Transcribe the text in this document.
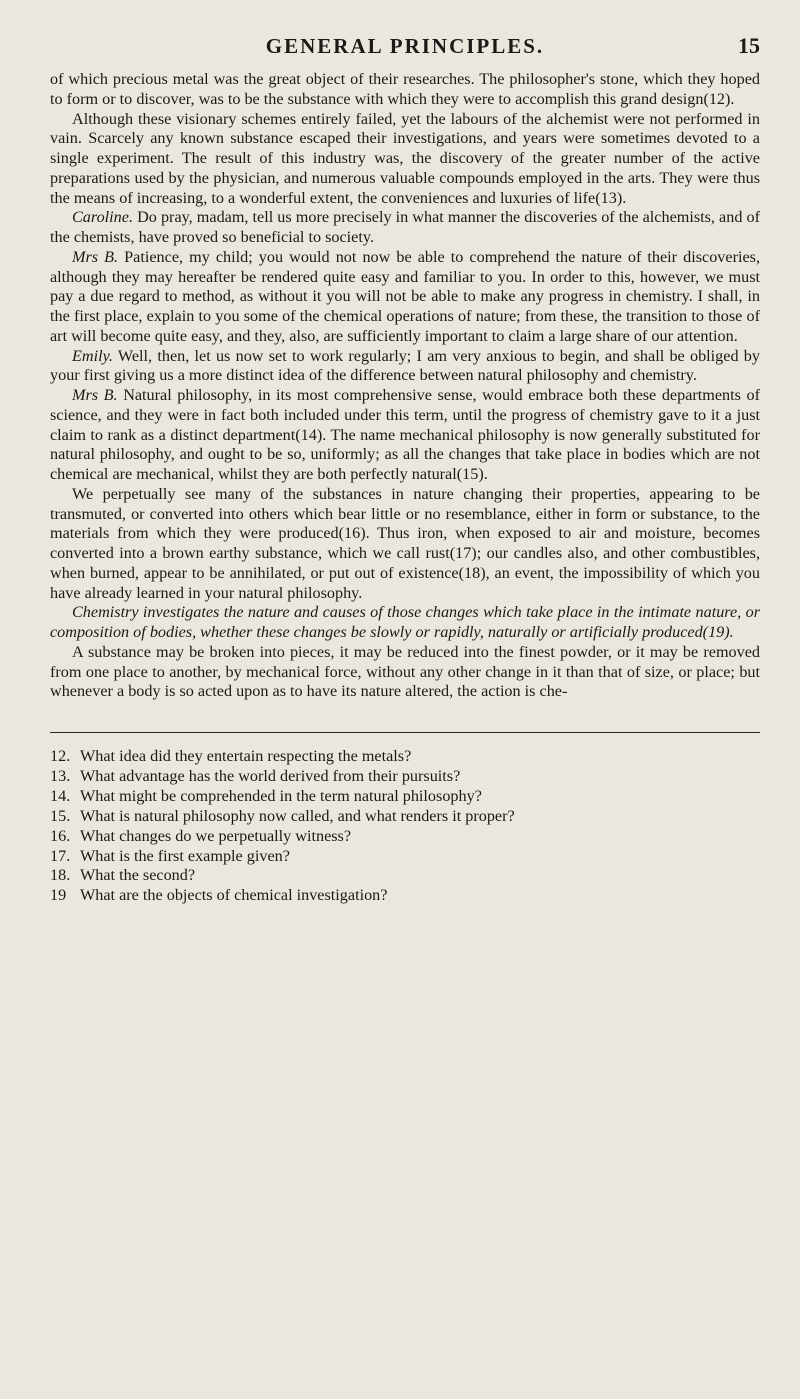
GENERAL PRINCIPLES.	15

of which precious metal was the great object of their researches. The philosopher's stone, which they hoped to form or to discover, was to be the substance with which they were to accomplish this grand design(12).

Although these visionary schemes entirely failed, yet the labours of the alchemist were not performed in vain. Scarcely any known substance escaped their investigations, and years were sometimes devoted to a single experiment. The result of this industry was, the discovery of the greater number of the active preparations used by the physician, and numerous valuable compounds employed in the arts. They were thus the means of increasing, to a wonderful extent, the conveniences and luxuries of life(13).

Caroline. Do pray, madam, tell us more precisely in what manner the discoveries of the alchemists, and of the chemists, have proved so beneficial to society.

Mrs B. Patience, my child; you would not now be able to comprehend the nature of their discoveries, although they may hereafter be rendered quite easy and familiar to you. In order to this, however, we must pay a due regard to method, as without it you will not be able to make any progress in chemistry. I shall, in the first place, explain to you some of the chemical operations of nature; from these, the transition to those of art will become quite easy, and they, also, are sufficiently important to claim a large share of our attention.

Emily. Well, then, let us now set to work regularly; I am very anxious to begin, and shall be obliged by your first giving us a more distinct idea of the difference between natural philosophy and chemistry.

Mrs B. Natural philosophy, in its most comprehensive sense, would embrace both these departments of science, and they were in fact both included under this term, until the progress of chemistry gave to it a just claim to rank as a distinct department(14). The name mechanical philosophy is now generally substituted for natural philosophy, and ought to be so, uniformly; as all the changes that take place in bodies which are not chemical are mechanical, whilst they are both perfectly natural(15).

We perpetually see many of the substances in nature changing their properties, appearing to be transmuted, or converted into others which bear little or no resemblance, either in form or substance, to the materials from which they were produced(16). Thus iron, when exposed to air and moisture, becomes converted into a brown earthy substance, which we call rust(17); our candles also, and other combustibles, when burned, appear to be annihilated, or put out of existence(18), an event, the impossibility of which you have already learned in your natural philosophy.

Chemistry investigates the nature and causes of those changes which take place in the intimate nature, or composition of bodies, whether these changes be slowly or rapidly, naturally or artificially produced(19).

A substance may be broken into pieces, it may be reduced into the finest powder, or it may be removed from one place to another, by mechanical force, without any other change in it than that of size, or place; but whenever a body is so acted upon as to have its nature altered, the action is che-

12. What idea did they entertain respecting the metals?
13. What advantage has the world derived from their pursuits?
14. What might be comprehended in the term natural philosophy?
15. What is natural philosophy now called, and what renders it proper?
16. What changes do we perpetually witness?
17. What is the first example given?
18. What the second?
19 What are the objects of chemical investigation?
